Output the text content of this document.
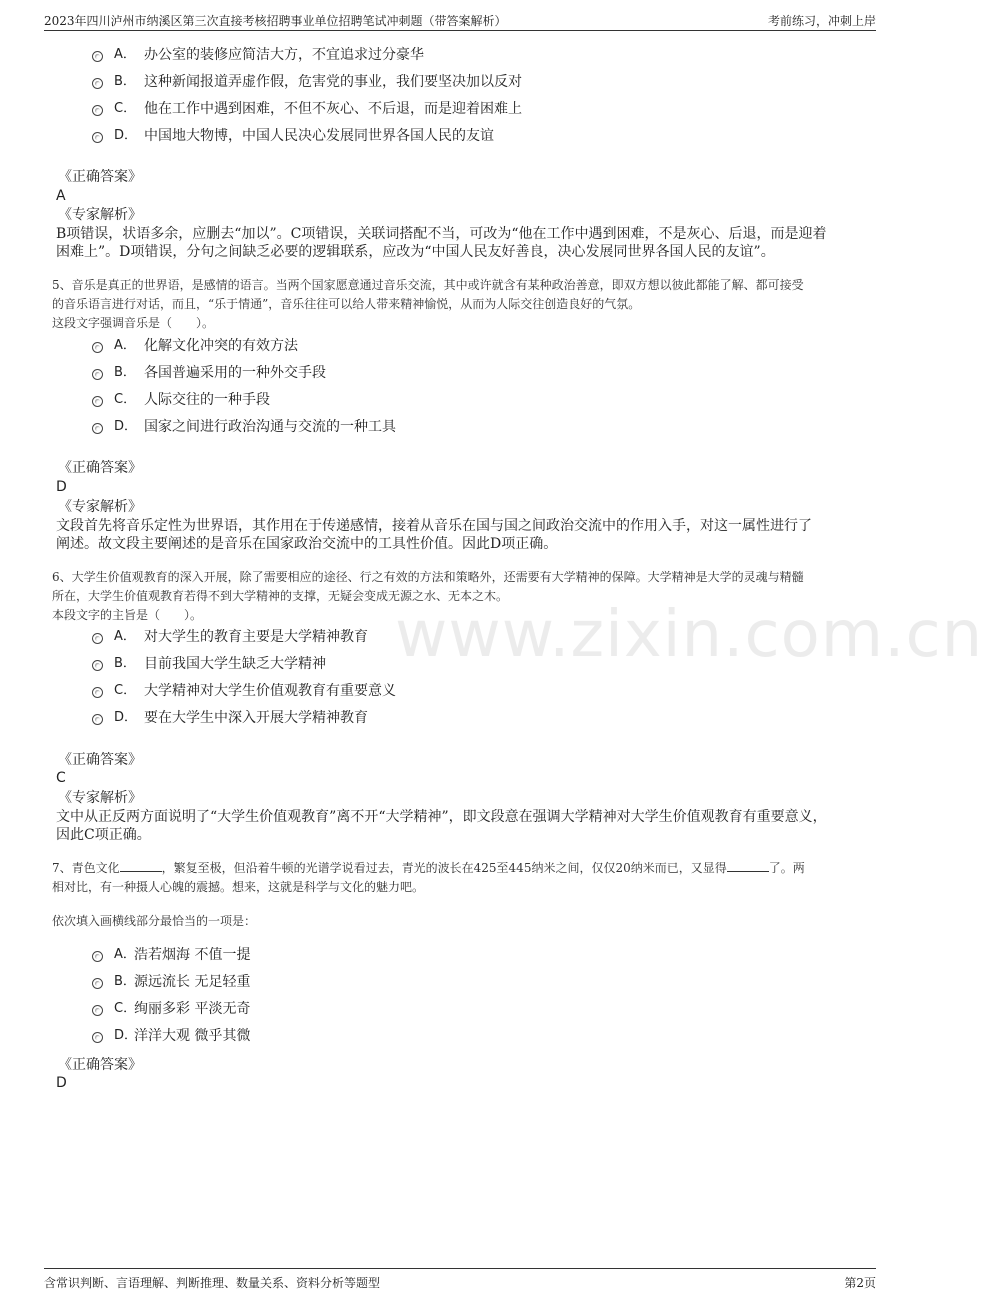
2023年四川泸州市纳溪区第三次直接考核招聘事业单位招聘笔试冲刺题（带答案解析）	考前练习，冲刺上岸
www.zixin.com.cn
A． 办公室的装修应简洁大方，不宜追求过分豪华
B． 这种新闻报道弄虚作假，危害党的事业，我们要坚决加以反对
C． 他在工作中遇到困难，不但不灰心、不后退，而是迎着困难上
D． 中国地大物博，中国人民决心发展同世界各国人民的友谊
《正确答案》
A
《专家解析》
B项错误，状语多余，应删去“加以”。C项错误，关联词搭配不当，可改为“他在工作中遇到困难，不是灰心、后退，而是迎着
困难上”。D项错误，分句之间缺乏必要的逻辑联系，应改为“中国人民友好善良，决心发展同世界各国人民的友谊”。
5、音乐是真正的世界语，是感情的语言。当两个国家愿意通过音乐交流，其中或许就含有某种政治善意，即双方想以彼此都能了解、都可接受
的音乐语言进行对话，而且，“乐于情通”，音乐往往可以给人带来精神愉悦，从而为人际交往创造良好的气氛。
这段文字强调音乐是（　　）。
A． 化解文化冲突的有效方法
B． 各国普遍采用的一种外交手段
C． 人际交往的一种手段
D． 国家之间进行政治沟通与交流的一种工具
《正确答案》
D
《专家解析》
文段首先将音乐定性为世界语，其作用在于传递感情，接着从音乐在国与国之间政治交流中的作用入手，对这一属性进行了
阐述。故文段主要阐述的是音乐在国家政治交流中的工具性价值。因此D项正确。
6、大学生价值观教育的深入开展，除了需要相应的途径、行之有效的方法和策略外，还需要有大学精神的保障。大学精神是大学的灵魂与精髓
所在，大学生价值观教育若得不到大学精神的支撑，无疑会变成无源之水、无本之木。
本段文字的主旨是（　　）。
A． 对大学生的教育主要是大学精神教育
B． 目前我国大学生缺乏大学精神
C． 大学精神对大学生价值观教育有重要意义
D． 要在大学生中深入开展大学精神教育
《正确答案》
C
《专家解析》
文中从正反两方面说明了“大学生价值观教育”离不开“大学精神”，即文段意在强调大学精神对大学生价值观教育有重要意义，
因此C项正确。
7、青色文化	，繁复至极，但沿着牛顿的光谱学说看过去，青光的波长在425至445纳米之间，仅仅20纳米而已，又显得	了。两
相对比，有一种摄人心魄的震撼。想来，这就是科学与文化的魅力吧。
依次填入画横线部分最恰当的一项是：
A．
浩若烟海 不值一提
B．
源远流长 无足轻重
C．
绚丽多彩 平淡无奇
D．
洋洋大观 微乎其微
《正确答案》
D
含常识判断、言语理解、判断推理、数量关系、资料分析等题型	第2页
